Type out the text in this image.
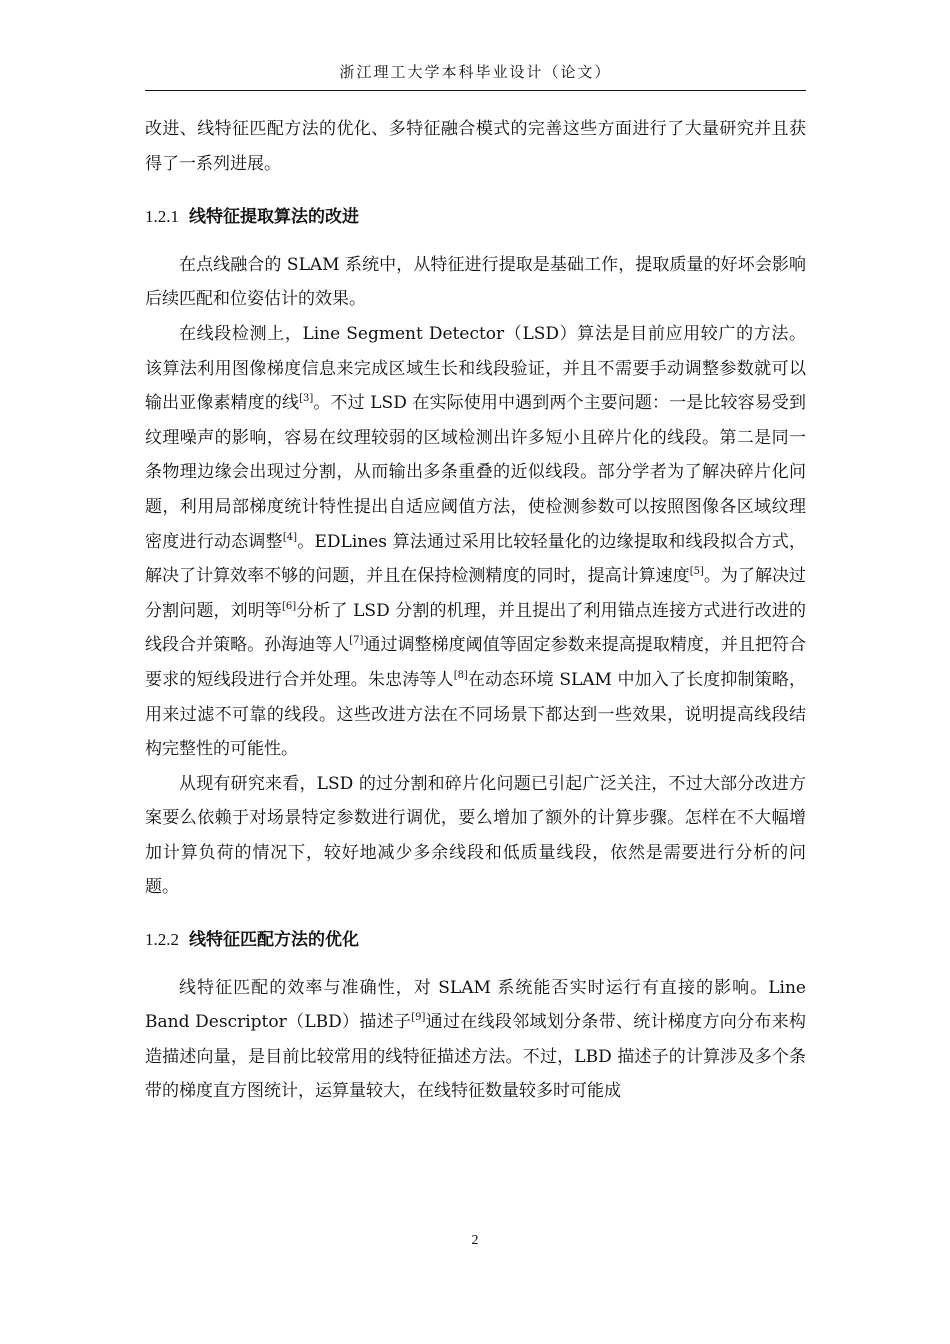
浙江理工大学本科毕业设计（论文）

改进、线特征匹配方法的优化、多特征融合模式的完善这些方面进行了大量研究并且获得了一系列进展。

1.2.1 线特征提取算法的改进

在点线融合的 SLAM 系统中，从特征进行提取是基础工作，提取质量的好坏会影响后续匹配和位姿估计的效果。

在线段检测上，Line Segment Detector（LSD）算法是目前应用较广的方法。该算法利用图像梯度信息来完成区域生长和线段验证，并且不需要手动调整参数就可以输出亚像素精度的线[3]。不过 LSD 在实际使用中遇到两个主要问题：一是比较容易受到纹理噪声的影响，容易在纹理较弱的区域检测出许多短小且碎片化的线段。第二是同一条物理边缘会出现过分割，从而输出多条重叠的近似线段。部分学者为了解决碎片化问题，利用局部梯度统计特性提出自适应阈值方法，使检测参数可以按照图像各区域纹理密度进行动态调整[4]。EDLines 算法通过采用比较轻量化的边缘提取和线段拟合方式，解决了计算效率不够的问题，并且在保持检测精度的同时，提高计算速度[5]。为了解决过分割问题，刘明等[6]分析了 LSD 分割的机理，并且提出了利用锚点连接方式进行改进的线段合并策略。孙海迪等人[7]通过调整梯度阈值等固定参数来提高提取精度，并且把符合要求的短线段进行合并处理。朱忠涛等人[8]在动态环境 SLAM 中加入了长度抑制策略，用来过滤不可靠的线段。这些改进方法在不同场景下都达到一些效果，说明提高线段结构完整性的可能性。

从现有研究来看，LSD 的过分割和碎片化问题已引起广泛关注，不过大部分改进方案要么依赖于对场景特定参数进行调优，要么增加了额外的计算步骤。怎样在不大幅增加计算负荷的情况下，较好地减少多余线段和低质量线段，依然是需要进行分析的问题。

1.2.2 线特征匹配方法的优化

线特征匹配的效率与准确性，对 SLAM 系统能否实时运行有直接的影响。Line Band Descriptor（LBD）描述子[9]通过在线段邻域划分条带、统计梯度方向分布来构造描述向量，是目前比较常用的线特征描述方法。不过，LBD 描述子的计算涉及多个条带的梯度直方图统计，运算量较大，在线特征数量较多时可能成

2
